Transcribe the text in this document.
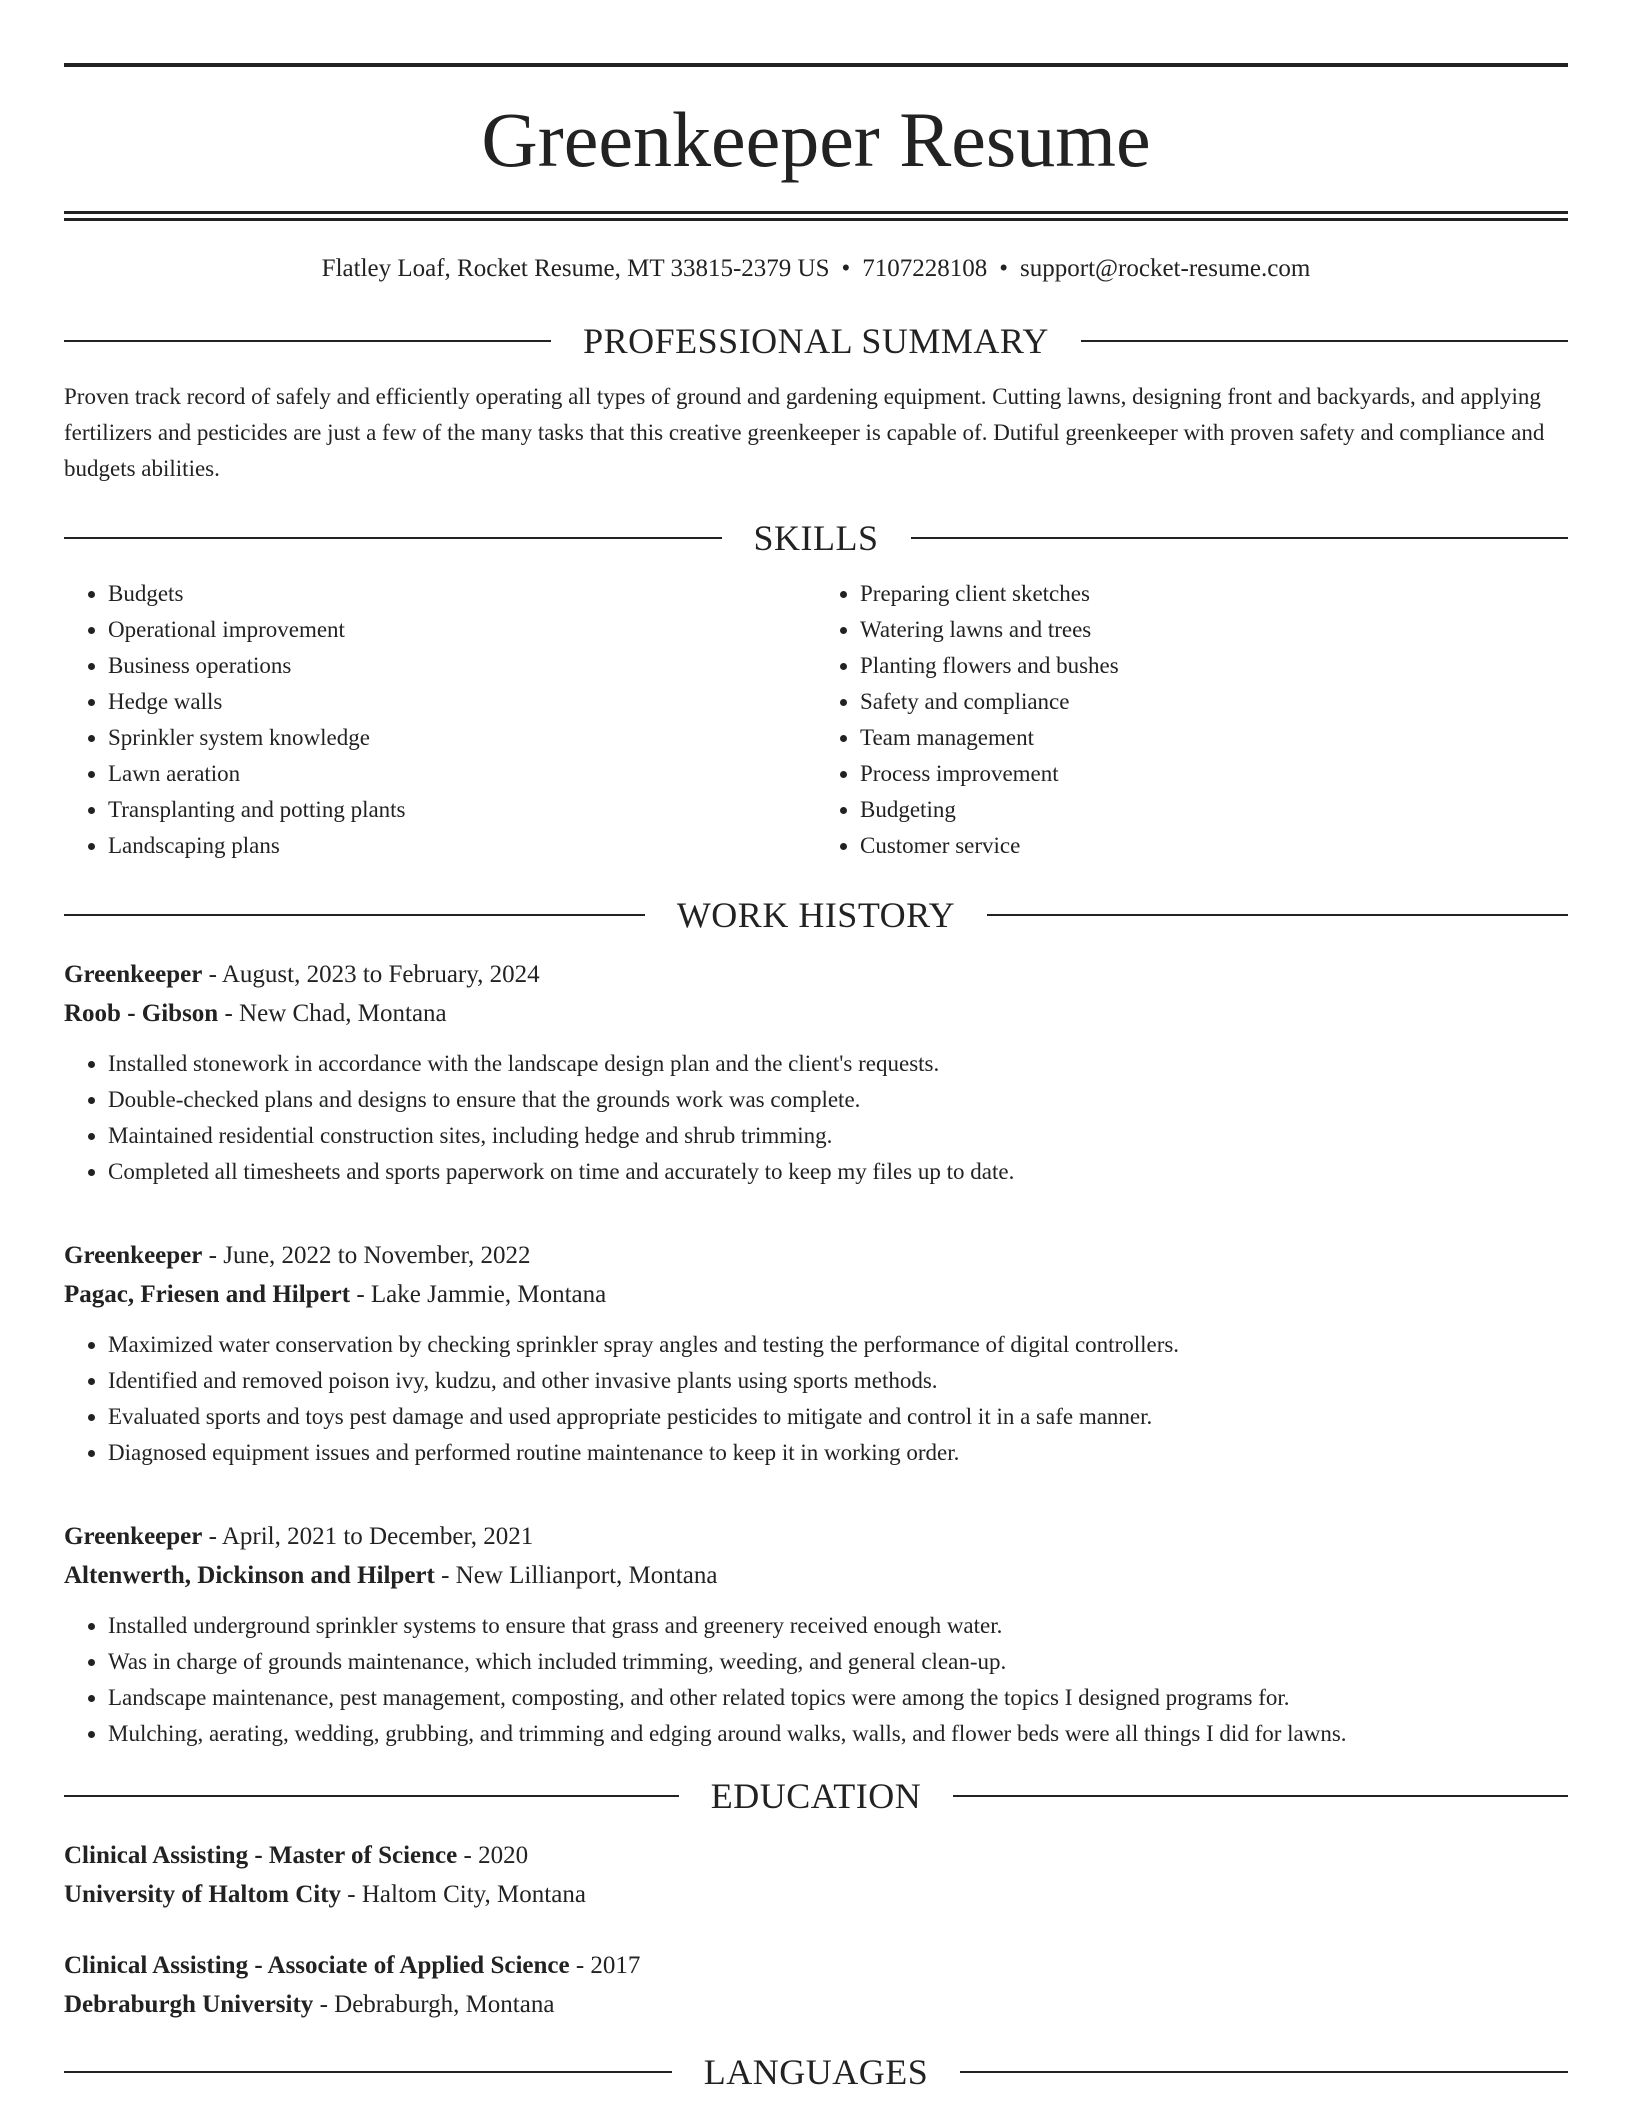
Greenkeeper Resume
Flatley Loaf, Rocket Resume, MT 33815-2379 US • 7107228108 • support@rocket-resume.com
PROFESSIONAL SUMMARY
Proven track record of safely and efficiently operating all types of ground and gardening equipment. Cutting lawns, designing front and backyards, and applying fertilizers and pesticides are just a few of the many tasks that this creative greenkeeper is capable of. Dutiful greenkeeper with proven safety and compliance and budgets abilities.
SKILLS
• Budgets
• Operational improvement
• Business operations
• Hedge walls
• Sprinkler system knowledge
• Lawn aeration
• Transplanting and potting plants
• Landscaping plans
• Preparing client sketches
• Watering lawns and trees
• Planting flowers and bushes
• Safety and compliance
• Team management
• Process improvement
• Budgeting
• Customer service
WORK HISTORY
Greenkeeper - August, 2023 to February, 2024
Roob - Gibson - New Chad, Montana
• Installed stonework in accordance with the landscape design plan and the client's requests.
• Double-checked plans and designs to ensure that the grounds work was complete.
• Maintained residential construction sites, including hedge and shrub trimming.
• Completed all timesheets and sports paperwork on time and accurately to keep my files up to date.
Greenkeeper - June, 2022 to November, 2022
Pagac, Friesen and Hilpert - Lake Jammie, Montana
• Maximized water conservation by checking sprinkler spray angles and testing the performance of digital controllers.
• Identified and removed poison ivy, kudzu, and other invasive plants using sports methods.
• Evaluated sports and toys pest damage and used appropriate pesticides to mitigate and control it in a safe manner.
• Diagnosed equipment issues and performed routine maintenance to keep it in working order.
Greenkeeper - April, 2021 to December, 2021
Altenwerth, Dickinson and Hilpert - New Lillianport, Montana
• Installed underground sprinkler systems to ensure that grass and greenery received enough water.
• Was in charge of grounds maintenance, which included trimming, weeding, and general clean-up.
• Landscape maintenance, pest management, composting, and other related topics were among the topics I designed programs for.
• Mulching, aerating, wedding, grubbing, and trimming and edging around walks, walls, and flower beds were all things I did for lawns.
EDUCATION
Clinical Assisting - Master of Science - 2020
University of Haltom City - Haltom City, Montana
Clinical Assisting - Associate of Applied Science - 2017
Debraburgh University - Debraburgh, Montana
LANGUAGES
